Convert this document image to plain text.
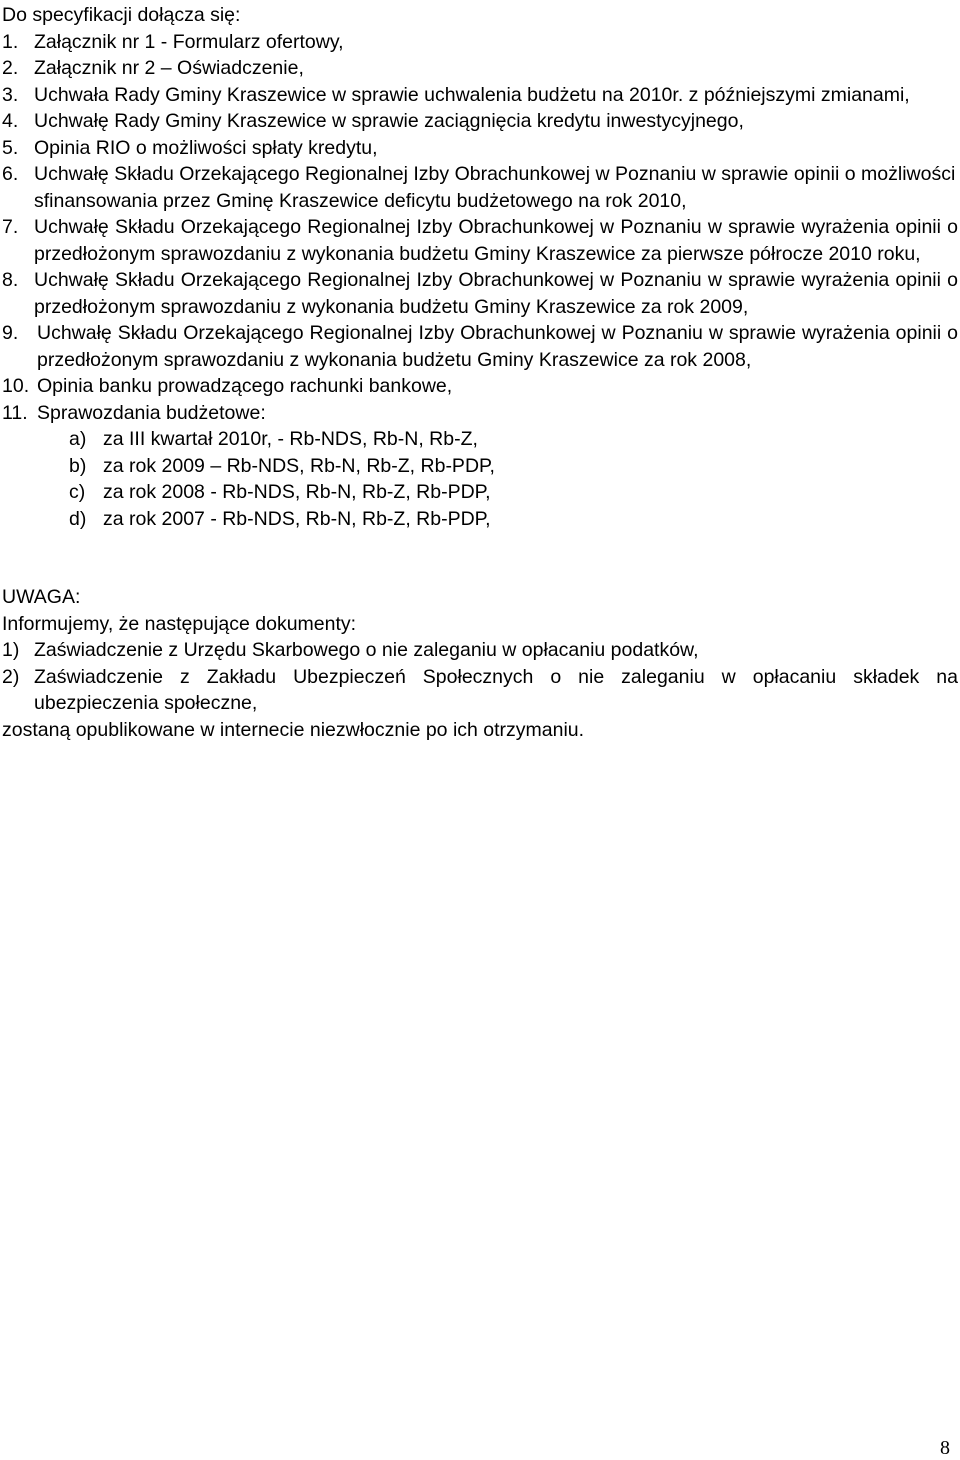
Do specyfikacji dołącza się:
1. Załącznik nr 1 - Formularz ofertowy,
2. Załącznik nr 2 – Oświadczenie,
3. Uchwała Rady Gminy Kraszewice w sprawie uchwalenia budżetu na 2010r. z późniejszymi zmianami,
4. Uchwałę Rady Gminy Kraszewice w sprawie zaciągnięcia kredytu inwestycyjnego,
5. Opinia RIO o możliwości spłaty kredytu,
6. Uchwałę Składu Orzekającego Regionalnej Izby Obrachunkowej w Poznaniu w sprawie opinii o możliwości sfinansowania przez Gminę Kraszewice deficytu budżetowego na rok 2010,
7. Uchwałę Składu Orzekającego Regionalnej Izby Obrachunkowej w Poznaniu w sprawie wyrażenia opinii o przedłożonym sprawozdaniu z wykonania budżetu Gminy Kraszewice za pierwsze półrocze 2010 roku,
8. Uchwałę Składu Orzekającego Regionalnej Izby Obrachunkowej w Poznaniu w sprawie wyrażenia opinii o przedłożonym sprawozdaniu z wykonania budżetu Gminy Kraszewice za rok 2009,
9. Uchwałę Składu Orzekającego Regionalnej Izby Obrachunkowej w Poznaniu w sprawie wyrażenia opinii o przedłożonym sprawozdaniu z wykonania budżetu Gminy Kraszewice za rok 2008,
10. Opinia banku prowadzącego rachunki bankowe,
11. Sprawozdania budżetowe:
a) za III kwartał 2010r, - Rb-NDS, Rb-N, Rb-Z,
b) za rok 2009 – Rb-NDS, Rb-N, Rb-Z, Rb-PDP,
c) za rok 2008 - Rb-NDS, Rb-N, Rb-Z, Rb-PDP,
d) za rok 2007 - Rb-NDS, Rb-N, Rb-Z, Rb-PDP,
UWAGA:
Informujemy, że następujące dokumenty:
1) Zaświadczenie z Urzędu Skarbowego o nie zaleganiu w opłacaniu podatków,
2) Zaświadczenie z Zakładu Ubezpieczeń Społecznych o nie zaleganiu w opłacaniu składek na ubezpieczenia społeczne,
zostaną opublikowane w internecie niezwłocznie po ich otrzymaniu.
8
